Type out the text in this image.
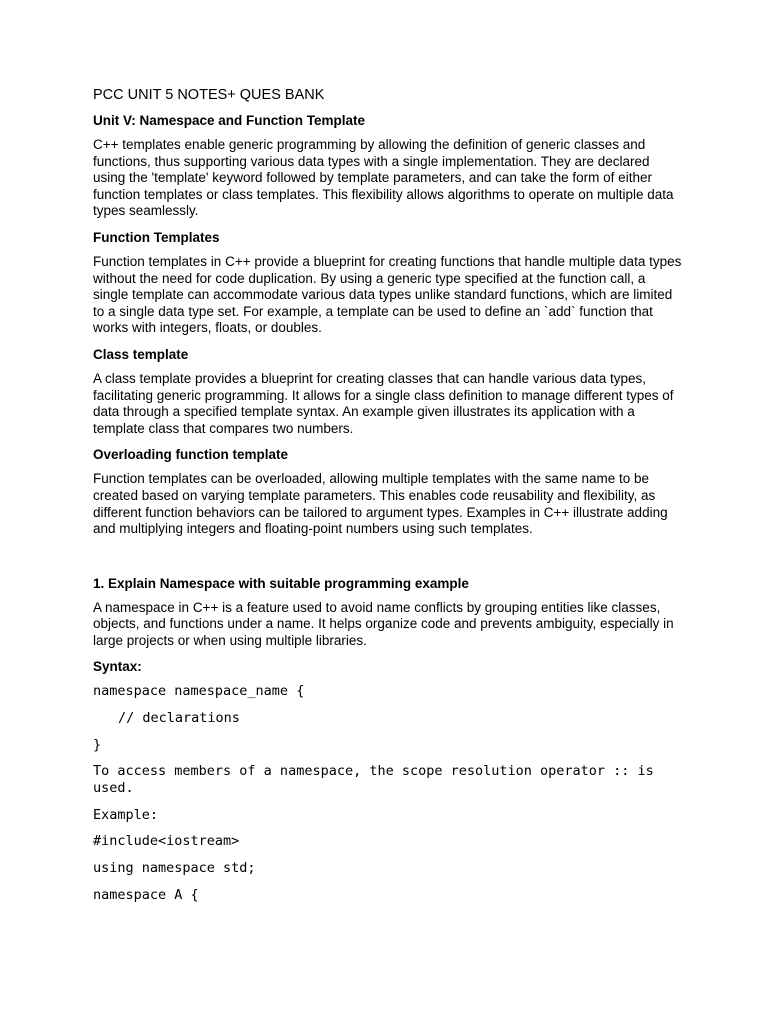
PCC UNIT 5 NOTES+ QUES BANK
Unit V: Namespace and Function Template
C++ templates enable generic programming by allowing the definition of generic classes and functions, thus supporting various data types with a single implementation. They are declared using the 'template' keyword followed by template parameters, and can take the form of either function templates or class templates. This flexibility allows algorithms to operate on multiple data types seamlessly.
Function Templates
Function templates in C++ provide a blueprint for creating functions that handle multiple data types without the need for code duplication. By using a generic type specified at the function call, a single template can accommodate various data types unlike standard functions, which are limited to a single data type set. For example, a template can be used to define an `add` function that works with integers, floats, or doubles.
Class template
A class template provides a blueprint for creating classes that can handle various data types, facilitating generic programming. It allows for a single class definition to manage different types of data through a specified template syntax. An example given illustrates its application with a template class that compares two numbers.
Overloading function template
Function templates can be overloaded, allowing multiple templates with the same name to be created based on varying template parameters. This enables code reusability and flexibility, as different function behaviors can be tailored to argument types. Examples in C++ illustrate adding and multiplying integers and floating-point numbers using such templates.
1. Explain Namespace with suitable programming example
A namespace in C++ is a feature used to avoid name conflicts by grouping entities like classes, objects, and functions under a name. It helps organize code and prevents ambiguity, especially in large projects or when using multiple libraries.
Syntax:
namespace namespace_name {
// declarations
}
To access members of a namespace, the scope resolution operator :: is used.
Example:
#include<iostream>
using namespace std;
namespace A {
